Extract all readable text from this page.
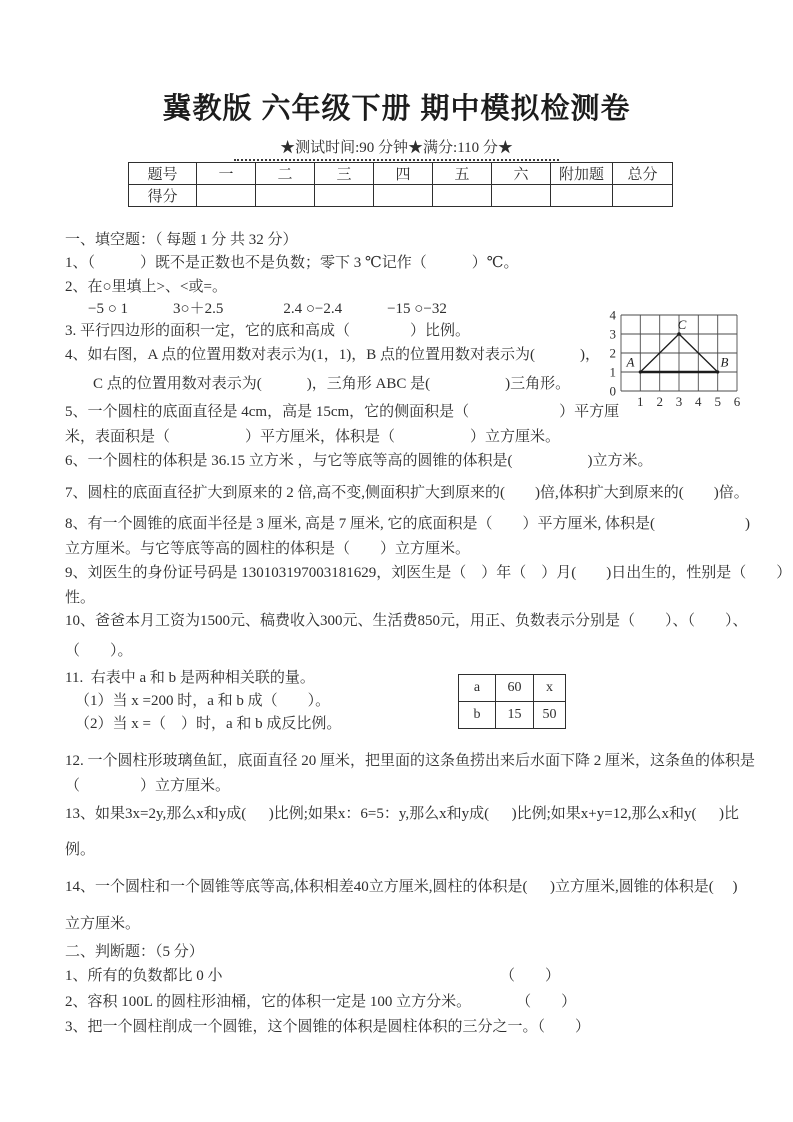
冀教版 六年级下册 期中模拟检测卷
★测试时间:90 分钟★满分:110 分★
题号	一	二	三	四	五	六	附加题	总分
得分								
一、填空题：（ 每题 1 分 共 32 分）
1、（　　　）既不是正数也不是负数；零下 3 ℃记作（　　　）℃。
2、在○里填上>、<或=。
−5 ○ 1　　　3○＋2.5　　　　2.4 ○−2.4　　　−15 ○−32
3. 平行四边形的面积一定，它的底和高成（　　　　）比例。
4、如右图，A 点的位置用数对表示为(1，1)，B 点的位置用数对表示为(　　　)，
C 点的位置用数对表示为(　　　)，三角形 ABC 是(　　　　　)三角形。
5、一个圆柱的底面直径是 4cm，高是 15cm，它的侧面积是（　　　　　　）平方厘
米，表面积是（　　　　　）平方厘米，体积是（　　　　　）立方厘米。
6、一个圆柱的体积是 36.15 立方米 ，与它等底等高的圆锥的体积是(　　　　　)立方米。
7、圆柱的底面直径扩大到原来的 2 倍,高不变,侧面积扩大到原来的(　　)倍,体积扩大到原来的(　　)倍。
8、有一个圆锥的底面半径是 3 厘米, 高是 7 厘米, 它的底面积是（　　）平方厘米, 体积是(　　　　　　)
立方厘米。与它等底等高的圆柱的体积是（　　）立方厘米。
9、刘医生的身份证号码是 130103197003181629，刘医生是（　）年（　）月(　　)日出生的，性别是（　　）
性。
10、爸爸本月工资为1500元、稿费收入300元、生活费850元，用正、负数表示分别是（　　）、（　　）、
（　　）。
11.  右表中 a 和 b 是两种相关联的量。
（1）当 x =200 时，a 和 b 成（　　）。
（2）当 x =（　）时，a 和 b 成反比例。
12. 一个圆柱形玻璃鱼缸，底面直径 20 厘米，把里面的这条鱼捞出来后水面下降 2 厘米，这条鱼的体积是
（　　　　）立方厘米。
13、如果3x=2y,那么x和y成(      )比例;如果x：6=5：y,那么x和y成(      )比例;如果x+y=12,那么x和y(      )比
例。
14、一个圆柱和一个圆锥等底等高,体积相差40立方厘米,圆柱的体积是(      )立方厘米,圆锥的体积是(     )
立方厘米。
二、判断题：（5 分）
1、所有的负数都比 0 小　　　　　　　　　　　　　　　　　　　（　　）
2、容积 100L 的圆柱形油桶，它的体积一定是 100 立方分米。　　　　（　　）
3、把一个圆柱削成一个圆锥，这个圆锥的体积是圆柱体积的三分之一。（　　）
a	60	x
b	15	50
4
3
2
1
0
1 2 3 4 5 6
A	B
C
